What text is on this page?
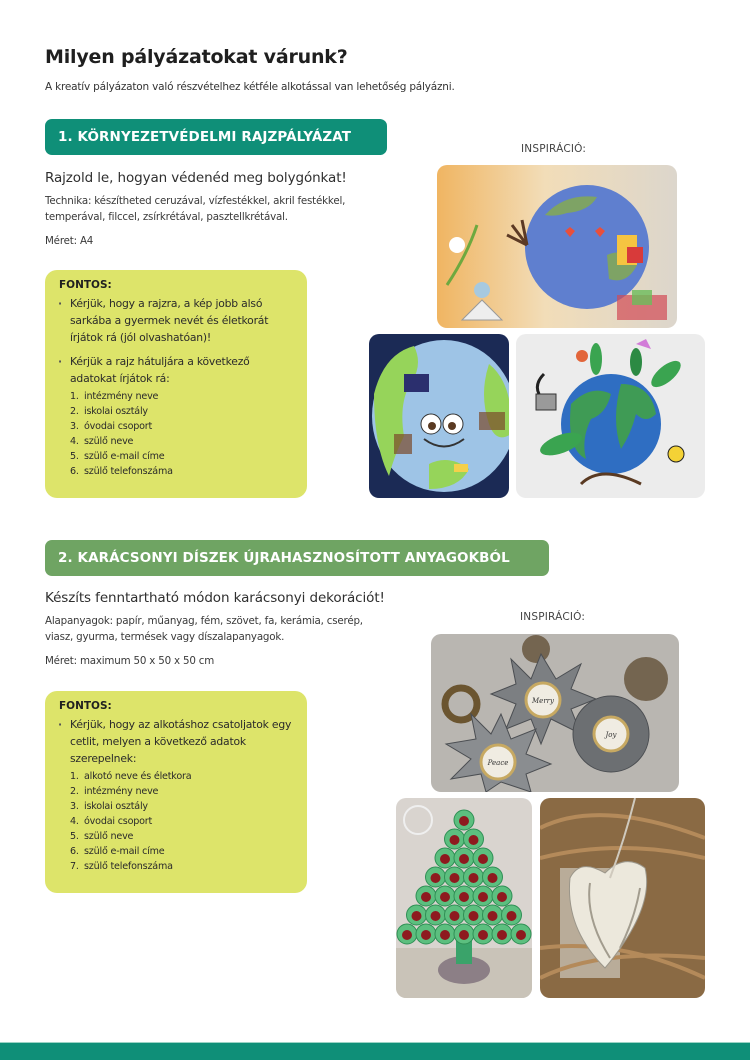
Milyen pályázatokat várunk?
A kreatív pályázaton való részvételhez kétféle alkotással van lehetőség pályázni.
1. KÖRNYEZETVÉDELMI RAJZPÁLYÁZAT
Rajzold le, hogyan védenéd meg bolygónkat!
Technika: készítheted ceruzával, vízfestékkel, akril festékkel,
temperával, filccel, zsírkrétával, pasztellkrétával.
Méret: A4
FONTOS:
· Kérjük, hogy a rajzra, a kép jobb alsó sarkába a gyermek nevét és életkorát írjátok rá (jól olvashatóan)!
· Kérjük a rajz hátuljára a következő adatokat írjátok rá:
1. intézmény neve
2. iskolai osztály
3. óvodai csoport
4. szülő neve
5. szülő e-mail címe
6. szülő telefonszáma
INSPIRÁCIÓ:
2. KARÁCSONYI DÍSZEK ÚJRAHASZNOSÍTOTT ANYAGOKBÓL
Készíts fenntartható módon karácsonyi dekorációt!
Alapanyagok: papír, műanyag, fém, szövet, fa, kerámia, cserép,
viasz, gyurma, termések vagy díszalapanyagok.
Méret: maximum 50 x 50 x 50 cm
FONTOS:
· Kérjük, hogy az alkotáshoz csatoljatok egy cetlit, melyen a következő adatok szerepelnek:
1. alkotó neve és életkora
2. intézmény neve
3. iskolai osztály
4. óvodai csoport
5. szülő neve
6. szülő e-mail címe
7. szülő telefonszáma
INSPIRÁCIÓ:
Merry
Peace
Joy
